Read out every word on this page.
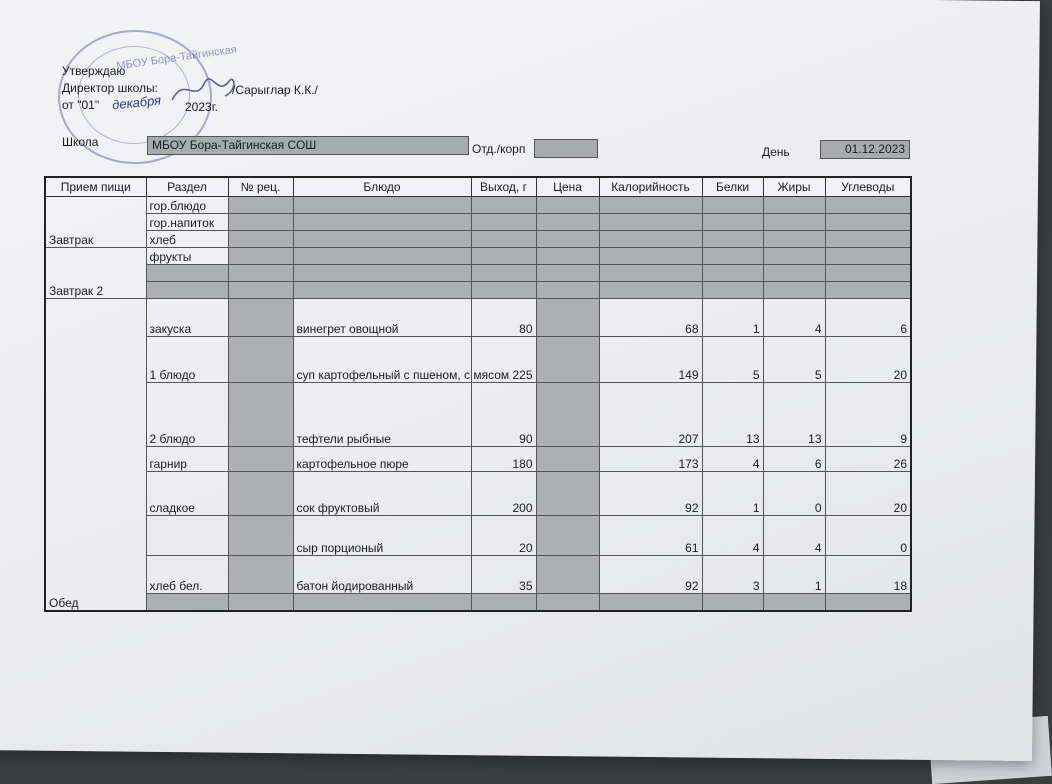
МБОУ Бора-Тайгинская
Утверждаю
Директор школы:	/Сарыглар К.К./
от "01" декабря 2023г.
Школа	МБОУ Бора-Тайгинская СОШ	Отд./корп	День	01.12.2023
Прием пищи	Раздел	№ рец.	Блюдо	Выход, г	Цена	Калорийность	Белки	Жиры	Углеводы
Завтрак	гор.блюдо								
	гор.напиток								
	хлеб								
Завтрак 2	фрукты								

Обед	закуска		винегрет овощной	80		68	1	4	6
	1 блюдо		суп картофельный с пшеном, с мясом	225		149	5	5	20
	2 блюдо		тефтели рыбные	90		207	13	13	9
	гарнир		картофельное пюре	180		173	4	6	26
	сладкое		сок фруктовый	200		92	1	0	20
			сыр порционый	20		61	4	4	0
	хлеб бел.		батон йодированный	35		92	3	1	18
